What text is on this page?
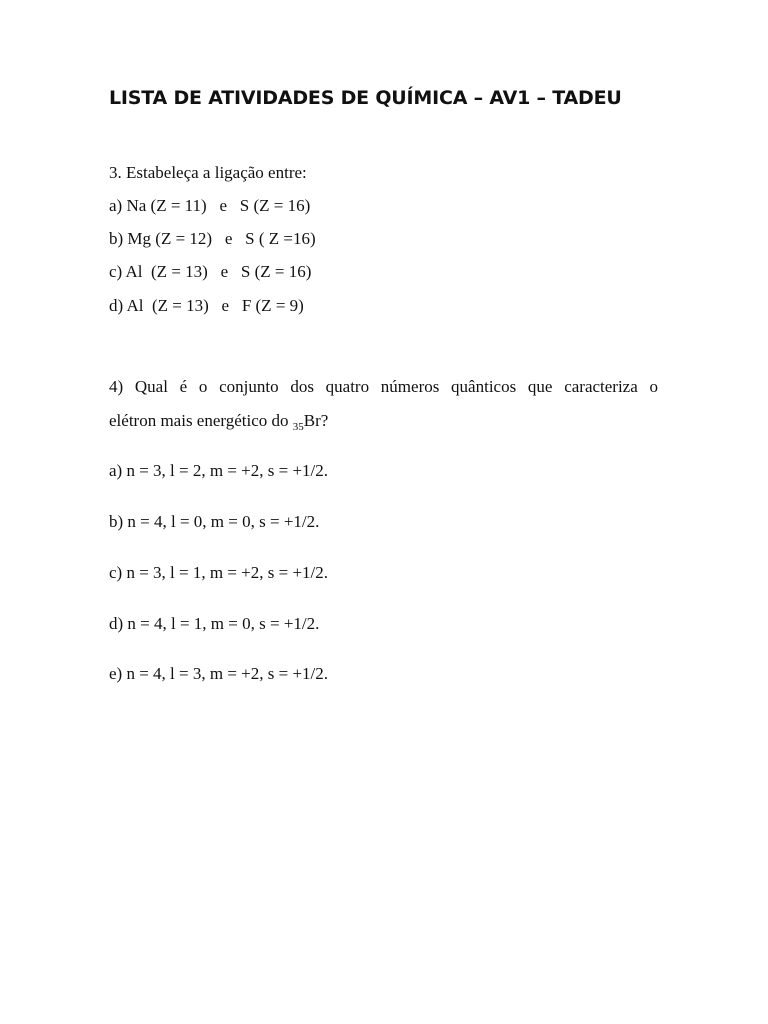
LISTA DE ATIVIDADES DE QUÍMICA – AV1 – TADEU
3. Estabeleça a ligação entre:
a) Na (Z = 11)   e   S (Z = 16)
b) Mg (Z = 12)   e   S ( Z =16)
c) Al  (Z = 13)   e   S (Z = 16)
d) Al  (Z = 13)   e   F (Z = 9)
4) Qual é o conjunto dos quatro números quânticos que caracteriza o
elétron mais energético do $_{35}$Br?
a) n = 3, l = 2, m = +2, s = +1/2.
b) n = 4, l = 0, m = 0, s = +1/2.
c) n = 3, l = 1, m = +2, s = +1/2.
d) n = 4, l = 1, m = 0, s = +1/2.
e) n = 4, l = 3, m = +2, s = +1/2.
